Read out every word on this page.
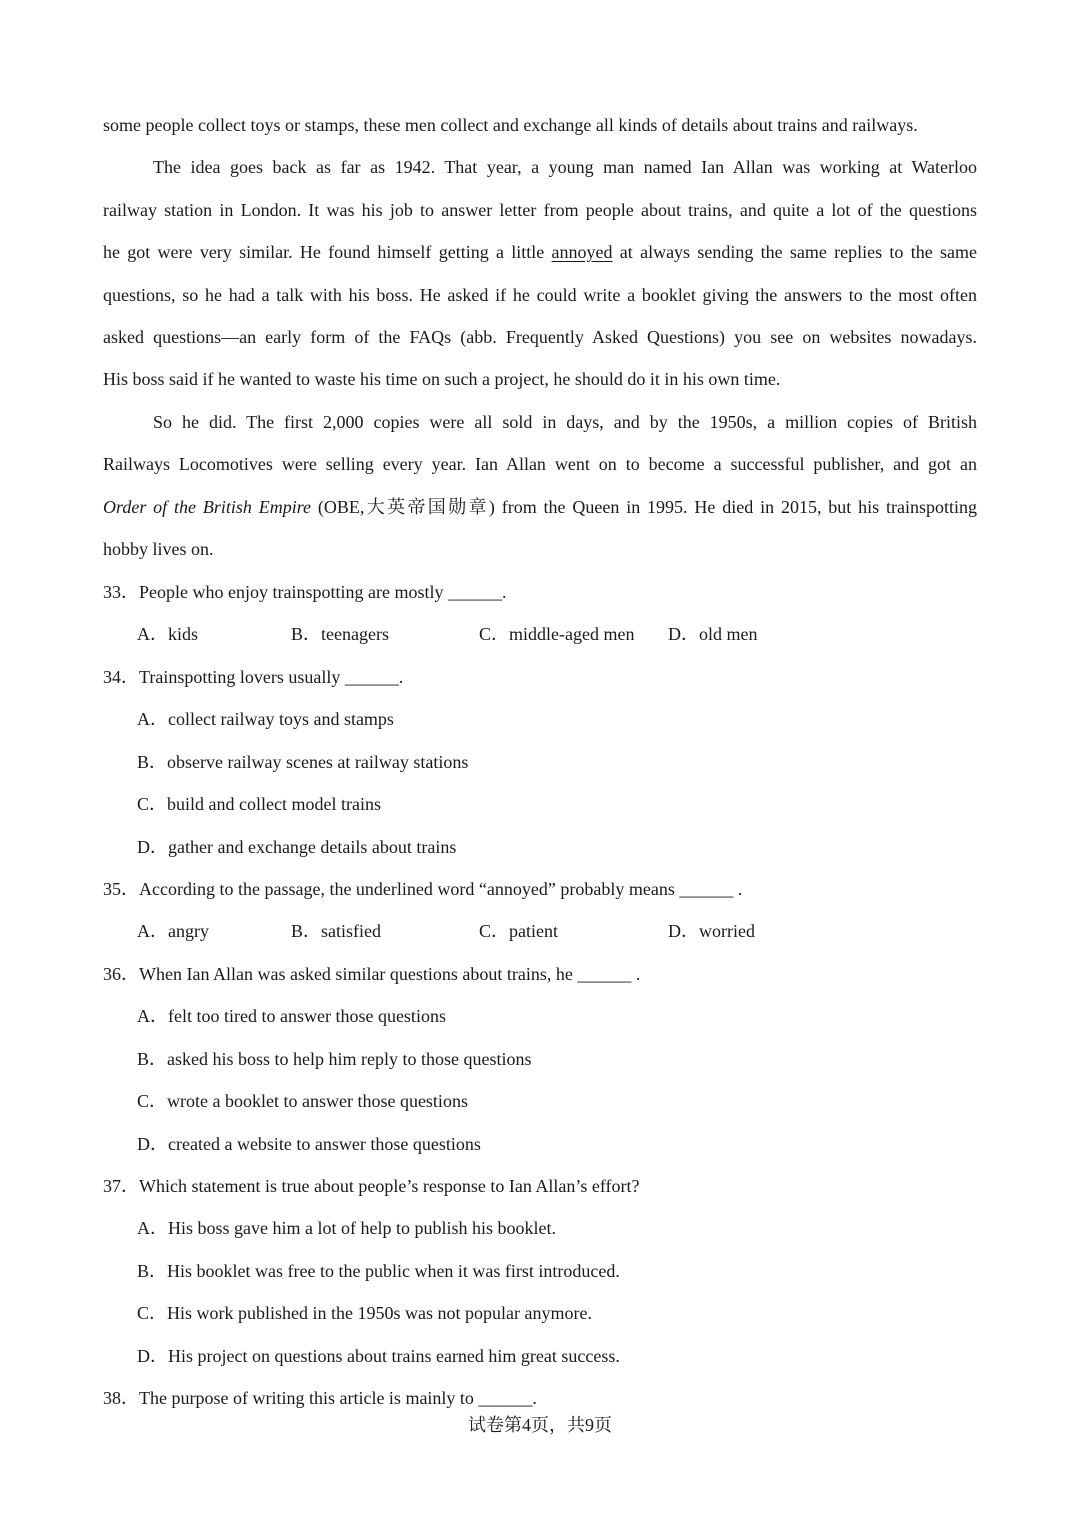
some people collect toys or stamps, these men collect and exchange all kinds of details about trains and railways.
The idea goes back as far as 1942. That year, a young man named Ian Allan was working at Waterloo
railway station in London. It was his job to answer letter from people about trains, and quite a lot of the questions
he got were very similar. He found himself getting a little annoyed at always sending the same replies to the same
questions, so he had a talk with his boss. He asked if he could write a booklet giving the answers to the most often
asked questions—an early form of the FAQs (abb. Frequently Asked Questions) you see on websites nowadays.
His boss said if he wanted to waste his time on such a project, he should do it in his own time.
So he did. The first 2,000 copies were all sold in days, and by the 1950s, a million copies of British
Railways Locomotives were selling every year. Ian Allan went on to become a successful publisher, and got an
Order of the British Empire (OBE,大英帝国勋章) from the Queen in 1995. He died in 2015, but his trainspotting
hobby lives on.
33．People who enjoy trainspotting are mostly ______.
A．kids	B．teenagers	C．middle-aged men D．old men
34．Trainspotting lovers usually ______.
A．collect railway toys and stamps
B．observe railway scenes at railway stations
C．build and collect model trains
D．gather and exchange details about trains
35．According to the passage, the underlined word “annoyed” probably means ______ .
A．angry	B．satisfied	C．patient	D．worried
36．When Ian Allan was asked similar questions about trains, he ______ .
A．felt too tired to answer those questions
B．asked his boss to help him reply to those questions
C．wrote a booklet to answer those questions
D．created a website to answer those questions
37．Which statement is true about people’s response to Ian Allan’s effort?
A．His boss gave him a lot of help to publish his booklet.
B．His booklet was free to the public when it was first introduced.
C．His work published in the 1950s was not popular anymore.
D．His project on questions about trains earned him great success.
38．The purpose of writing this article is mainly to ______.
试卷第4页，共9页
